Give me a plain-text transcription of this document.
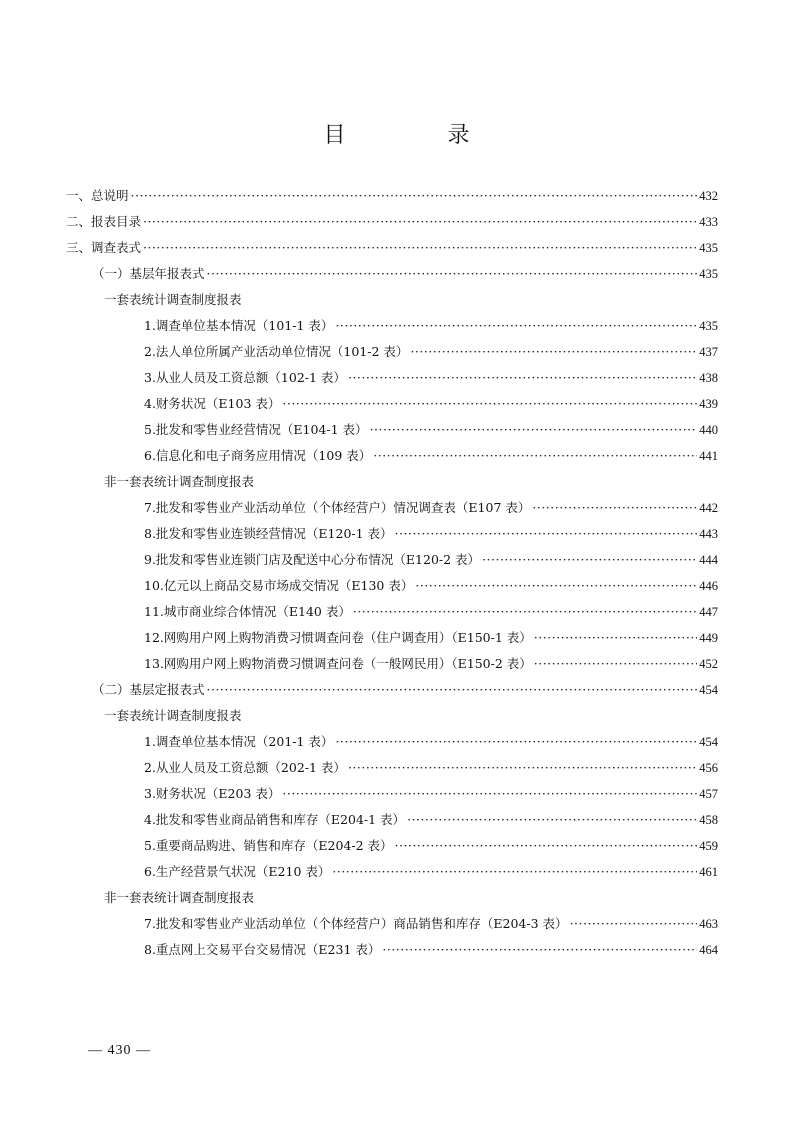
目　录
一、总说明 ·····	432
二、报表目录 ·····	433
三、调查表式 ·····	435
（一）基层年报表式 ·····	435
一套表统计调查制度报表
1.调查单位基本情况（101-1 表） ·····	435
2.法人单位所属产业活动单位情况（101-2 表） ·····	437
3.从业人员及工资总额（102-1 表） ·····	438
4.财务状况（E103 表） ·····	439
5.批发和零售业经营情况（E104-1 表） ·····	440
6.信息化和电子商务应用情况（109 表） ·····	441
非一套表统计调查制度报表
7.批发和零售业产业活动单位（个体经营户）情况调查表（E107 表） ·····	442
8.批发和零售业连锁经营情况（E120-1 表） ·····	443
9.批发和零售业连锁门店及配送中心分布情况（E120-2 表） ·····	444
10.亿元以上商品交易市场成交情况（E130 表） ·····	446
11.城市商业综合体情况（E140 表） ·····	447
12.网购用户网上购物消费习惯调查问卷（住户调查用）（E150-1 表） ·····	449
13.网购用户网上购物消费习惯调查问卷（一般网民用）（E150-2 表） ·····	452
（二）基层定报表式 ·····	454
一套表统计调查制度报表
1.调查单位基本情况（201-1 表） ·····	454
2.从业人员及工资总额（202-1 表） ·····	456
3.财务状况（E203 表） ·····	457
4.批发和零售业商品销售和库存（E204-1 表） ·····	458
5.重要商品购进、销售和库存（E204-2 表） ·····	459
6.生产经营景气状况（E210 表） ·····	461
非一套表统计调查制度报表
7.批发和零售业产业活动单位（个体经营户）商品销售和库存（E204-3 表） ·····	463
8.重点网上交易平台交易情况（E231 表） ·····	464
— 430 —
